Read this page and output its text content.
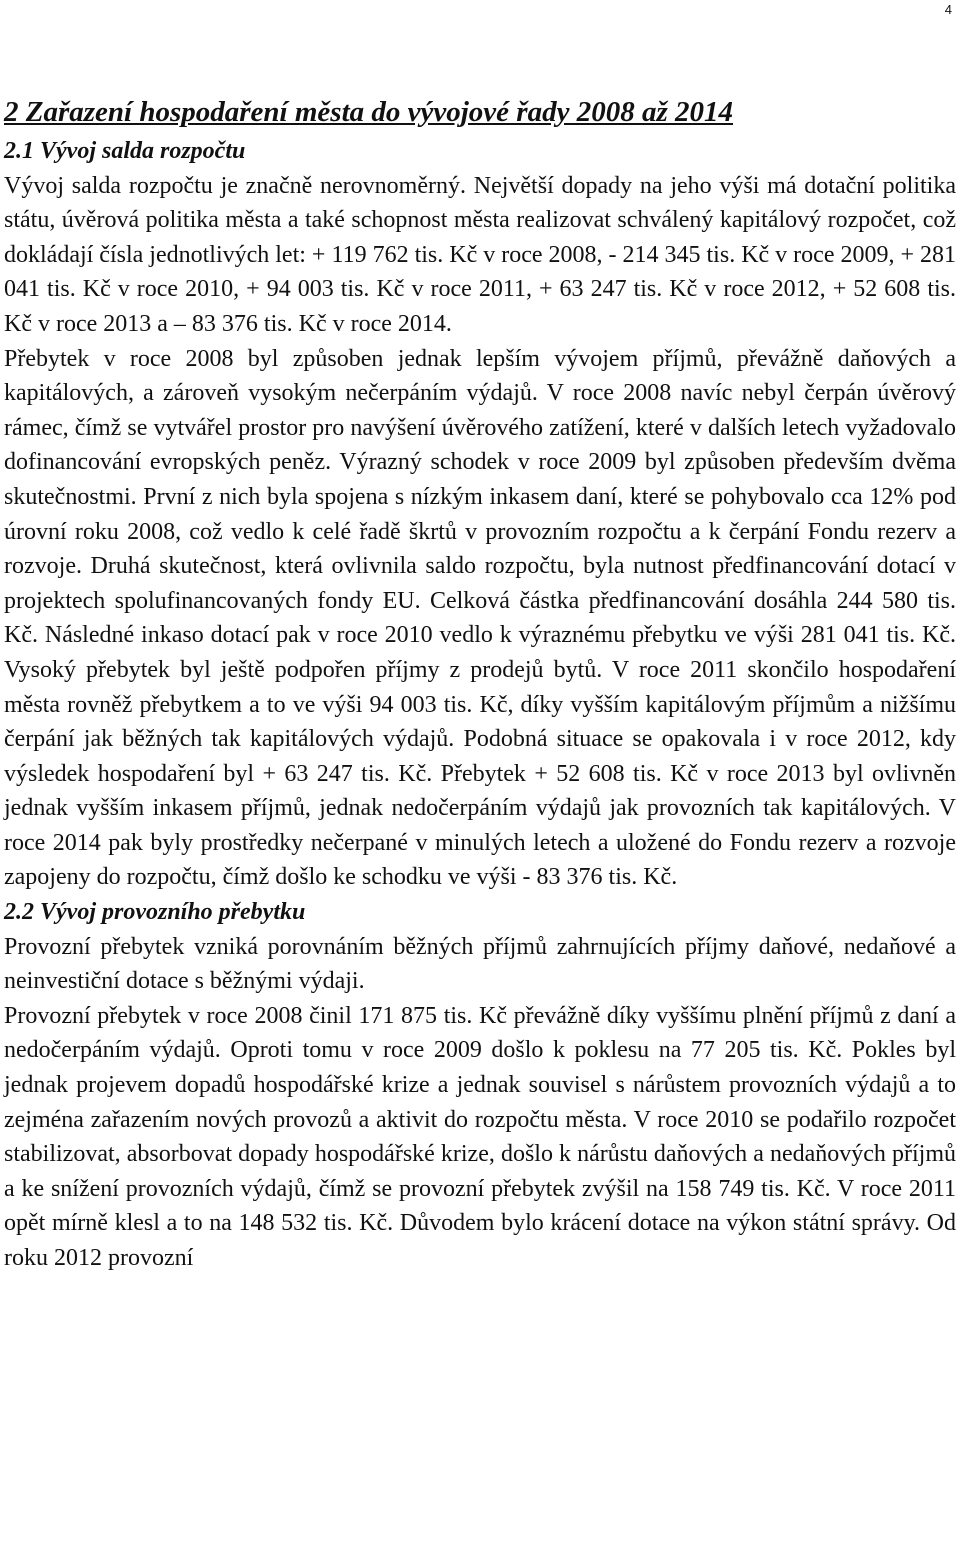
4
2 Zařazení hospodaření města do vývojové řady 2008 až 2014
2.1 Vývoj salda rozpočtu

Vývoj salda rozpočtu je značně nerovnoměrný. Největší dopady na jeho výši má dotační politika státu, úvěrová politika města a také schopnost města realizovat schválený kapitálový rozpočet, což dokládají čísla jednotlivých let: + 119 762 tis. Kč v roce 2008, - 214 345 tis. Kč v roce 2009, + 281 041 tis. Kč v roce 2010, + 94 003 tis. Kč v roce 2011, + 63 247 tis. Kč v roce 2012, + 52 608 tis. Kč v roce 2013 a – 83 376 tis. Kč v roce 2014.

Přebytek v roce 2008 byl způsoben jednak lepším vývojem příjmů, převážně daňových a kapitálových, a zároveň vysokým nečerpáním výdajů. V roce 2008 navíc nebyl čerpán úvěrový rámec, čímž se vytvářel prostor pro navýšení úvěrového zatížení, které v dalších letech vyžadovalo dofinancování evropských peněz. Výrazný schodek v roce 2009 byl způsoben především dvěma skutečnostmi. První z nich byla spojena s nízkým inkasem daní, které se pohybovalo cca 12% pod úrovní roku 2008, což vedlo k celé řadě škrtů v provozním rozpočtu a k čerpání Fondu rezerv a rozvoje. Druhá skutečnost, která ovlivnila saldo rozpočtu, byla nutnost předfinancování dotací v projektech spolufinancovaných fondy EU. Celková částka předfinancování dosáhla 244 580 tis. Kč. Následné inkaso dotací pak v roce 2010 vedlo k výraznému přebytku ve výši 281 041 tis. Kč. Vysoký přebytek byl ještě podpořen příjmy z prodejů bytů. V roce 2011 skončilo hospodaření města rovněž přebytkem a to ve výši 94 003 tis. Kč, díky vyšším kapitálovým příjmům a nižšímu čerpání jak běžných tak kapitálových výdajů. Podobná situace se opakovala i v roce 2012, kdy výsledek hospodaření byl + 63 247 tis. Kč. Přebytek + 52 608 tis. Kč v roce 2013 byl ovlivněn jednak vyšším inkasem příjmů, jednak nedočerpáním výdajů jak provozních tak kapitálových. V roce 2014 pak byly prostředky nečerpané v minulých letech a uložené do Fondu rezerv a rozvoje zapojeny do rozpočtu, čímž došlo ke schodku ve výši - 83 376 tis. Kč.

2.2 Vývoj provozního přebytku

Provozní přebytek vzniká porovnáním běžných příjmů zahrnujících příjmy daňové, nedaňové a neinvestiční dotace s běžnými výdaji.

Provozní přebytek v roce 2008 činil 171 875 tis. Kč převážně díky vyššímu plnění příjmů z daní a nedočerpáním výdajů. Oproti tomu v roce 2009 došlo k poklesu na 77 205 tis. Kč. Pokles byl jednak projevem dopadů hospodářské krize a jednak souvisel s nárůstem provozních výdajů a to zejména zařazením nových provozů a aktivit do rozpočtu města. V roce 2010 se podařilo rozpočet stabilizovat, absorbovat dopady hospodářské krize, došlo k nárůstu daňových a nedaňových příjmů a ke snížení provozních výdajů, čímž se provozní přebytek zvýšil na 158 749 tis. Kč. V roce 2011 opět mírně klesl a to na 148 532 tis. Kč. Důvodem bylo krácení dotace na výkon státní správy. Od roku 2012 provozní
